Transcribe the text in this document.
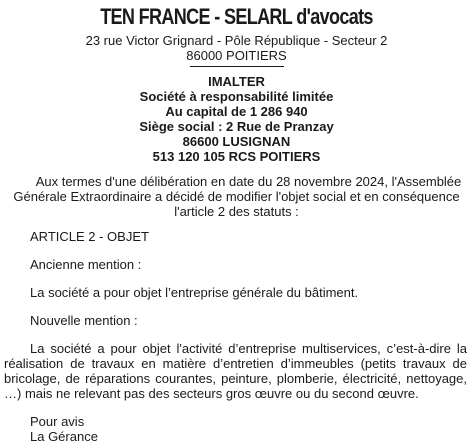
TEN FRANCE - SELARL d'avocats

23 rue Victor Grignard - Pôle République - Secteur 2

86000 POITIERS

IMALTER

Société à responsabilité limitée

Au capital de 1 286 940

Siège social : 2 Rue de Pranzay

86600 LUSIGNAN

513 120 105 RCS POITIERS

Aux termes d'une délibération en date du 28 novembre 2024, l'Assemblée Générale Extraordinaire a décidé de modifier l'objet social et en conséquence l'article 2 des statuts :

ARTICLE 2 - OBJET

Ancienne mention :

La société a pour objet l’entreprise générale du bâtiment.

Nouvelle mention :

La société a pour objet l'activité d’entreprise multiservices, c’est-à-dire la réalisation de travaux en matière d’entretien d’immeubles (petits travaux de bricolage, de réparations courantes, peinture, plomberie, électricité, nettoyage, …) mais ne relevant pas des secteurs gros œuvre ou du second œuvre.

Pour avis

La Gérance
